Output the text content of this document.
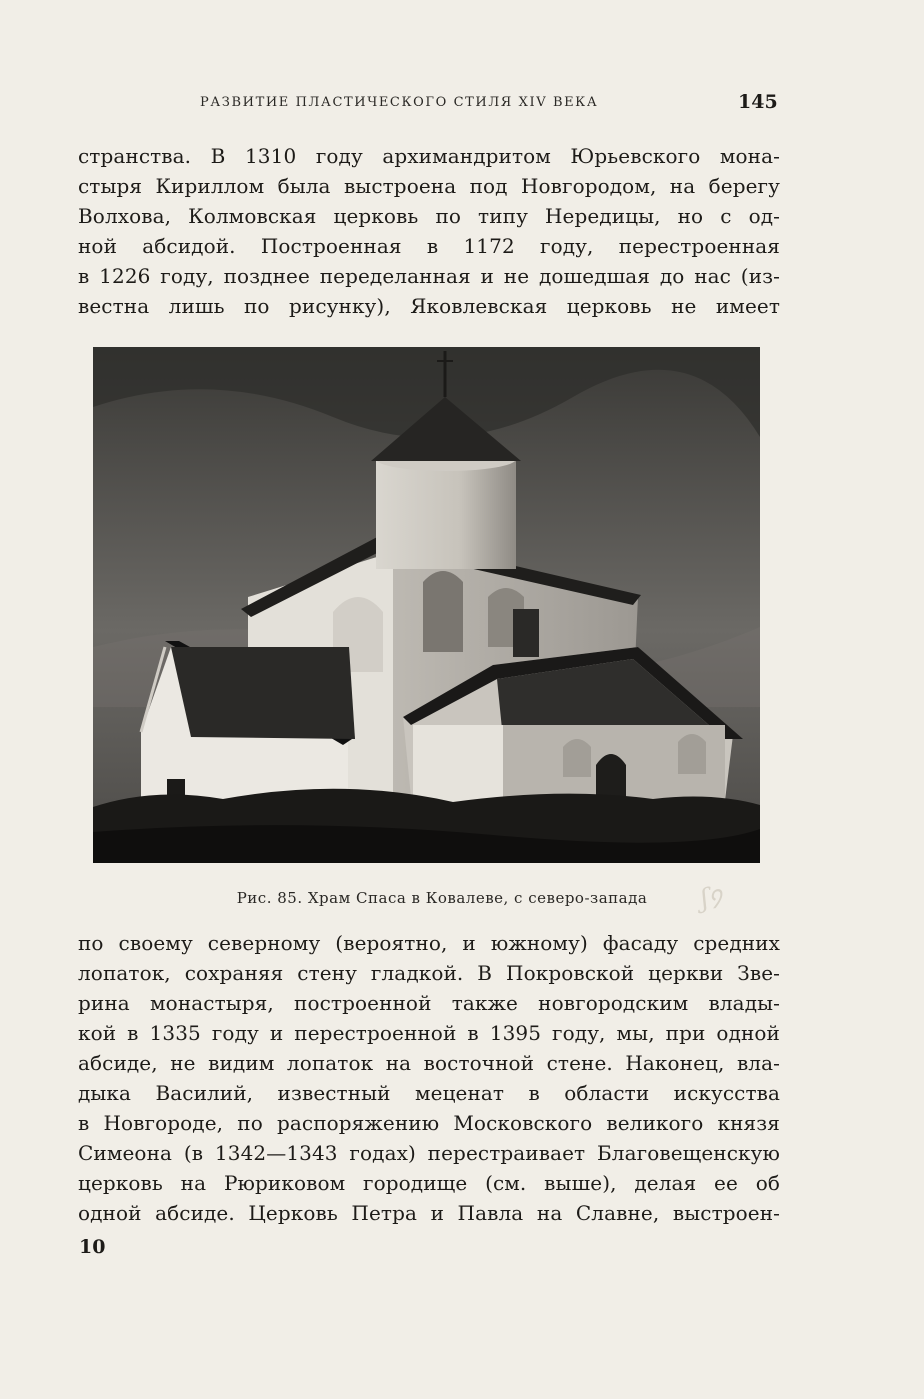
РАЗВИТИЕ ПЛАСТИЧЕСКОГО СТИЛЯ XIV ВЕКА	145
странства. В 1310 году архимандритом Юрьевского мона-
стыря Кириллом была выстроена под Новгородом, на берегу
Волхова, Колмовская церковь по типу Нередицы, но с од-
ной абсидой. Построенная в 1172 году, перестроенная
в 1226 году, позднее переделанная и не дошедшая до нас (из-
вестна лишь по рисунку), Яковлевская церковь не имеет
Рис. 85. Храм Спаса в Ковалеве, с северо-запада	ʃ᠀
по своему северному (вероятно, и южному) фасаду средних
лопаток, сохраняя стену гладкой. В Покровской церкви Зве-
рина монастыря, построенной также новгородским влады-
кой в 1335 году и перестроенной в 1395 году, мы, при одной
абсиде, не видим лопаток на восточной стене. Наконец, вла-
дыка Василий, известный меценат в области искусства
в Новгороде, по распоряжению Московского великого князя
Симеона (в 1342—1343 годах) перестраивает Благовещенскую
церковь на Рюриковом городище (см. выше), делая ее об
одной абсиде. Церковь Петра и Павла на Славне, выстроен-
10
